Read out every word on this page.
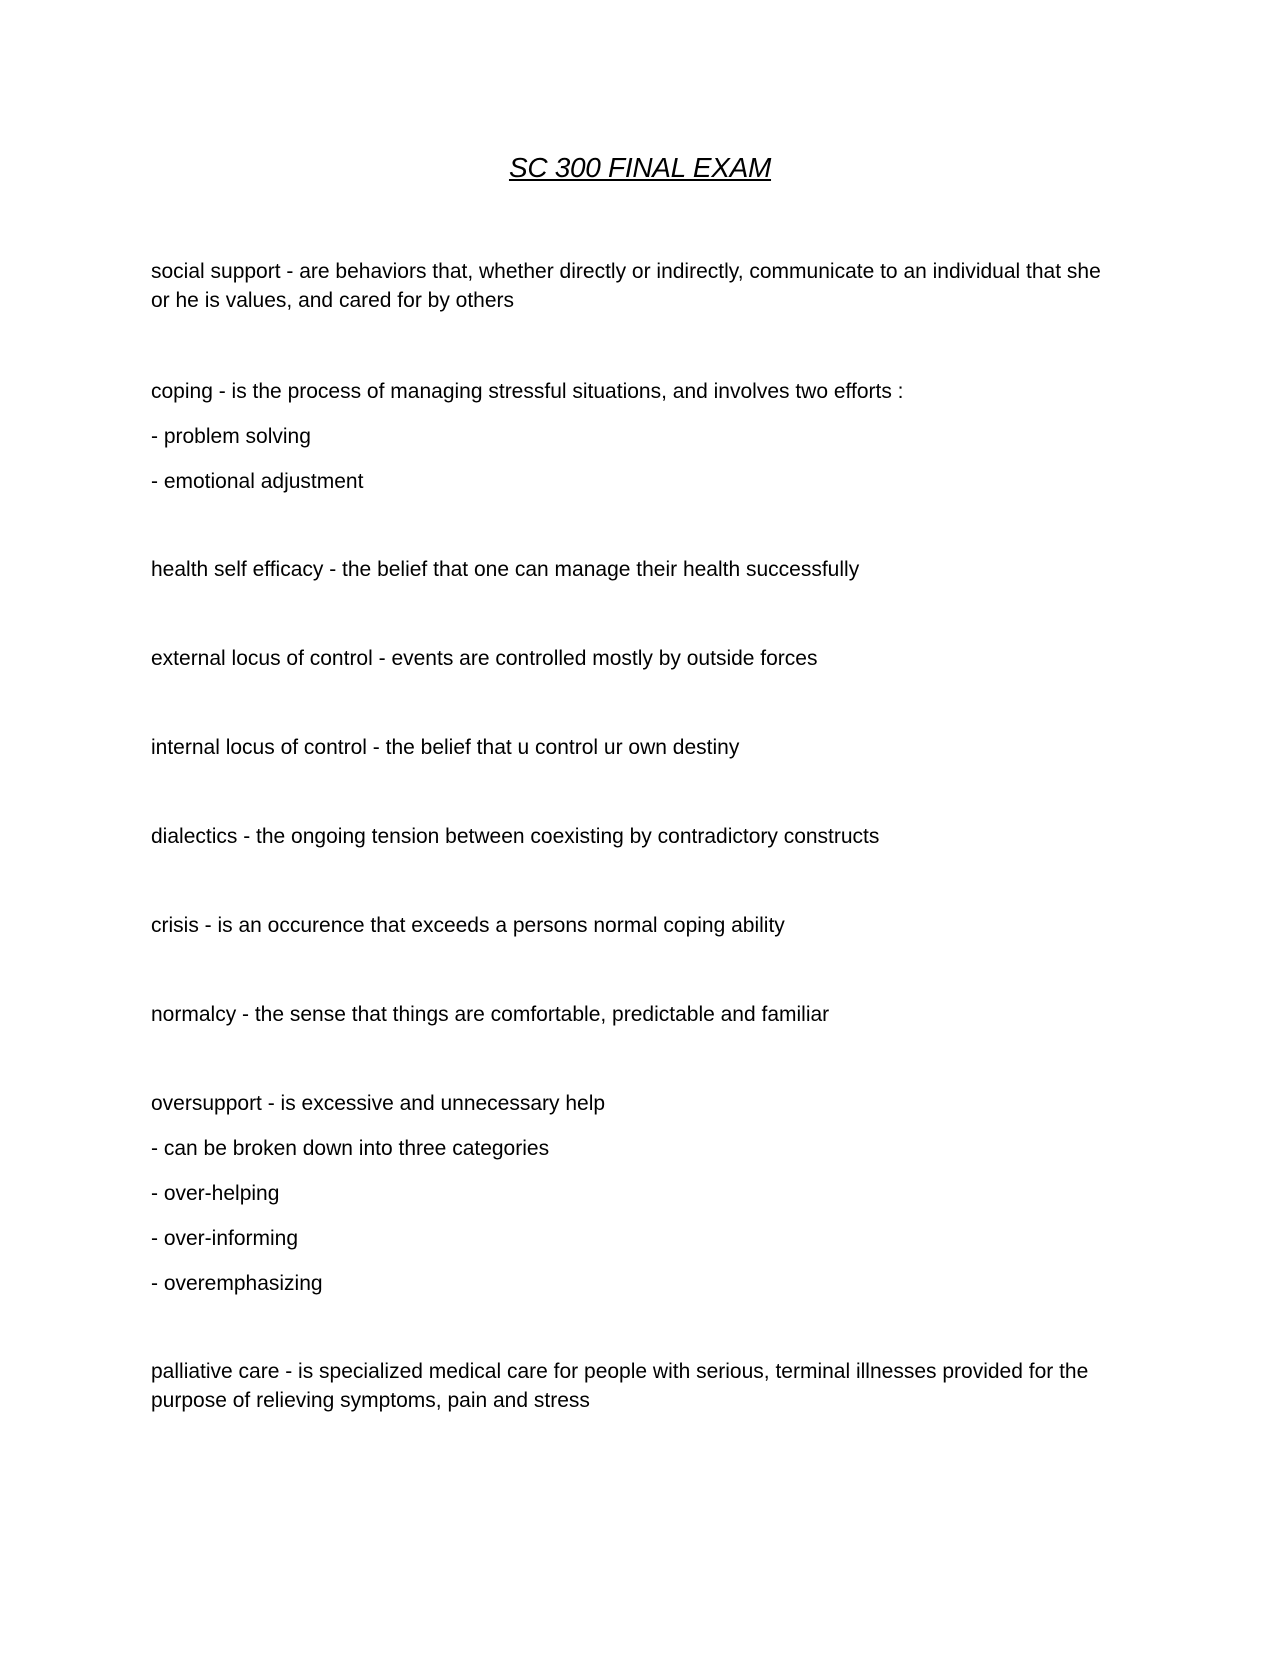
SC 300 FINAL EXAM

social support - are behaviors that, whether directly or indirectly, communicate to an individual that she

or he is values, and cared for by others

coping - is the process of managing stressful situations, and involves two efforts :

- problem solving

- emotional adjustment

health self efficacy - the belief that one can manage their health successfully

external locus of control - events are controlled mostly by outside forces

internal locus of control - the belief that u control ur own destiny

dialectics - the ongoing tension between coexisting by contradictory constructs

crisis - is an occurence that exceeds a persons normal coping ability

normalcy - the sense that things are comfortable, predictable and familiar

oversupport - is excessive and unnecessary help

- can be broken down into three categories

- over-helping

- over-informing

- overemphasizing

palliative care - is specialized medical care for people with serious, terminal illnesses provided for the

purpose of relieving symptoms, pain and stress
